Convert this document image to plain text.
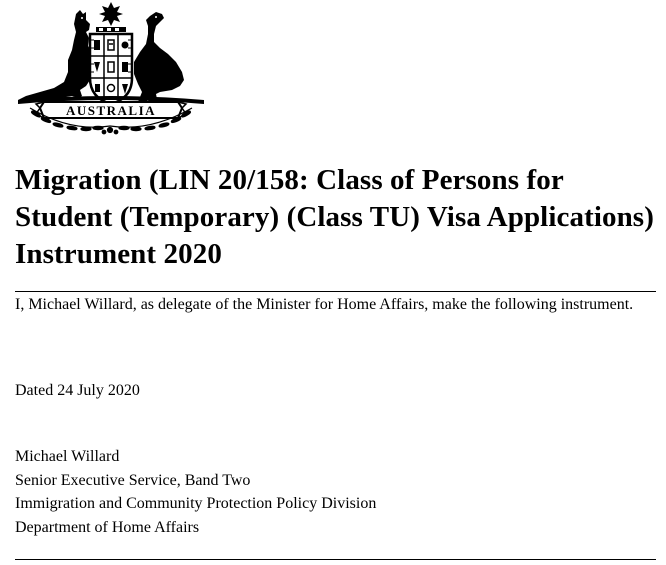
AUSTRALIA
Migration (LIN 20/158: Class of Persons for Student (Temporary) (Class TU) Visa Applications) Instrument 2020

I, Michael Willard, as delegate of the Minister for Home Affairs, make the following instrument.

Dated 24 July 2020

Michael Willard
Senior Executive Service, Band Two
Immigration and Community Protection Policy Division
Department of Home Affairs
